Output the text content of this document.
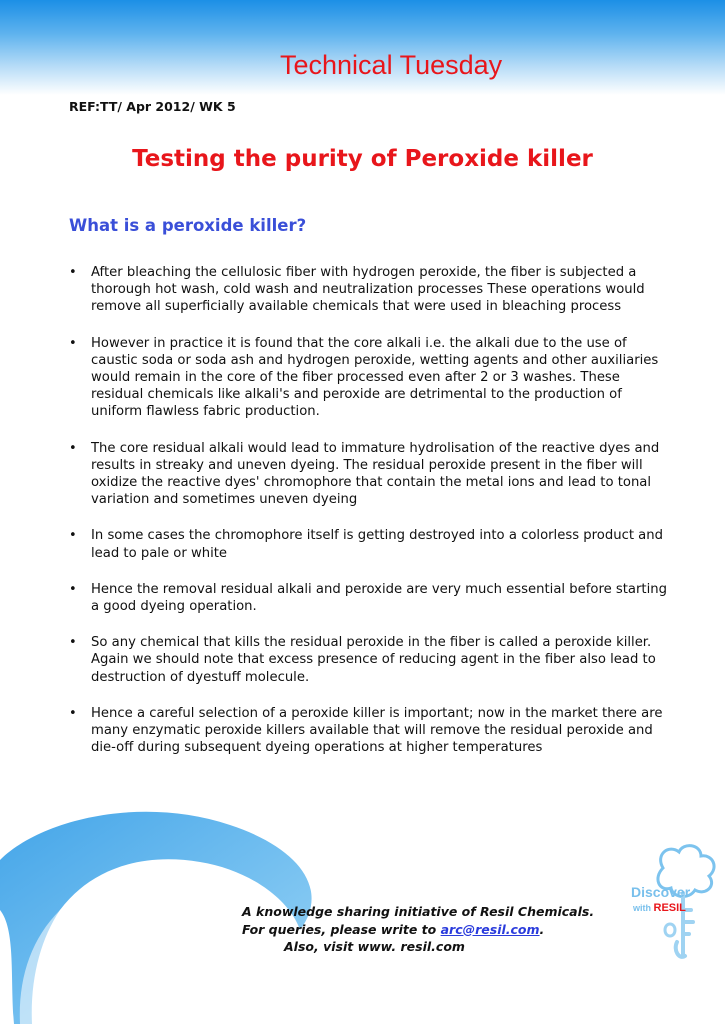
Technical Tuesday
REF:TT/ Apr 2012/ WK 5
Testing the purity of Peroxide killer
What is a peroxide killer?
• After bleaching the cellulosic fiber with hydrogen peroxide, the fiber is subjected a thorough hot wash, cold wash and neutralization processes These operations would remove all superficially available chemicals that were used in bleaching process
• However in practice it is found that the core alkali i.e. the alkali due to the use of caustic soda or soda ash and hydrogen peroxide, wetting agents and other auxiliaries would remain in the core of the fiber processed even after 2 or 3 washes. These residual chemicals like alkali's and peroxide are detrimental to the production of uniform flawless fabric production.
• The core residual alkali would lead to immature hydrolisation of the reactive dyes and results in streaky and uneven dyeing. The residual peroxide present in the fiber will oxidize the reactive dyes' chromophore that contain the metal ions and lead to tonal variation and sometimes uneven dyeing
• In some cases the chromophore itself is getting destroyed into a colorless product and lead to pale or white
• Hence the removal residual alkali and peroxide are very much essential before starting a good dyeing operation.
• So any chemical that kills the residual peroxide in the fiber is called a peroxide killer. Again we should note that excess presence of reducing agent in the fiber also lead to destruction of dyestuff molecule.
• Hence a careful selection of a peroxide killer is important; now in the market there are many enzymatic peroxide killers available that will remove the residual peroxide and die-off during subsequent dyeing operations at higher temperatures
A knowledge sharing initiative of Resil Chemicals.
For queries, please write to arc@resil.com.
Also, visit www. resil.com
Discover
with RESIL
